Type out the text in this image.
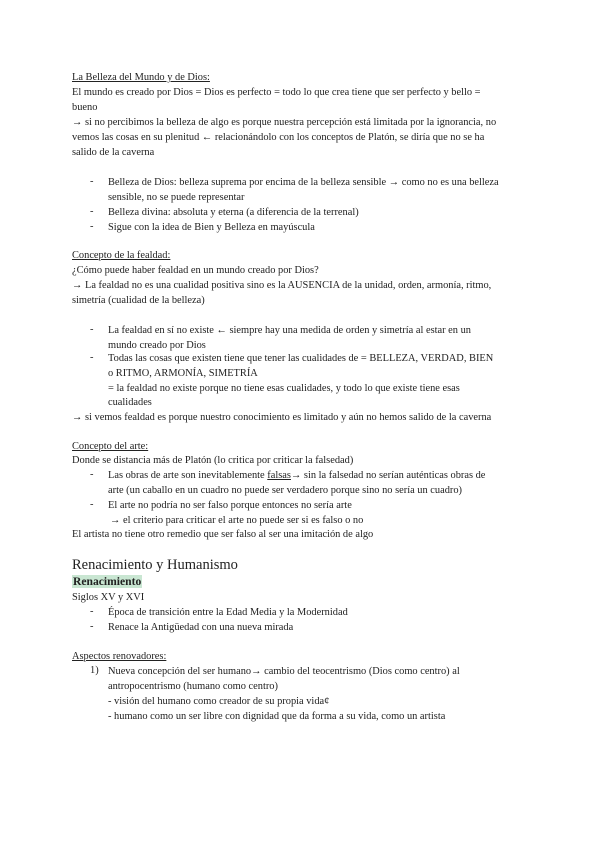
La Belleza del Mundo y de Dios:
El mundo es creado por Dios = Dios es perfecto = todo lo que crea tiene que ser perfecto y bello =
bueno
→ si no percibimos la belleza de algo es porque nuestra percepción está limitada por la ignorancia, no
vemos las cosas en su plenitud ← relacionándolo con los conceptos de Platón, se diría que no se ha
salido de la caverna
- Belleza de Dios: belleza suprema por encima de la belleza sensible → como no es una belleza
sensible, no se puede representar
- Belleza divina: absoluta y eterna (a diferencia de la terrenal)
- Sigue con la idea de Bien y Belleza en mayúscula
Concepto de la fealdad:
¿Cómo puede haber fealdad en un mundo creado por Dios?
→ La fealdad no es una cualidad positiva sino es la AUSENCIA de la unidad, orden, armonía, ritmo,
simetría (cualidad de la belleza)
- La fealdad en sí no existe ← siempre hay una medida de orden y simetría al estar en un
mundo creado por Dios
- Todas las cosas que existen tiene que tener las cualidades de = BELLEZA, VERDAD, BIEN
o RITMO, ARMONÍA, SIMETRÍA
= la fealdad no existe porque no tiene esas cualidades, y todo lo que existe tiene esas
cualidades
→ si vemos fealdad es porque nuestro conocimiento es limitado y aún no hemos salido de la caverna
Concepto del arte:
Donde se distancia más de Platón (lo critica por criticar la falsedad)
- Las obras de arte son inevitablemente falsas→ sin la falsedad no serían auténticas obras de
arte (un caballo en un cuadro no puede ser verdadero porque sino no sería un cuadro)
- El arte no podría no ser falso porque entonces no sería arte
→ el criterio para criticar el arte no puede ser si es falso o no
El artista no tiene otro remedio que ser falso al ser una imitación de algo
Renacimiento y Humanismo
Renacimiento
Siglos XV y XVI
- Época de transición entre la Edad Media y la Modernidad
- Renace la Antigüedad con una nueva mirada
Aspectos renovadores:
1) Nueva concepción del ser humano→ cambio del teocentrismo (Dios como centro) al
antropocentrismo (humano como centro)
- visión del humano como creador de su propia vida¢
- humano como un ser libre con dignidad que da forma a su vida, como un artista
